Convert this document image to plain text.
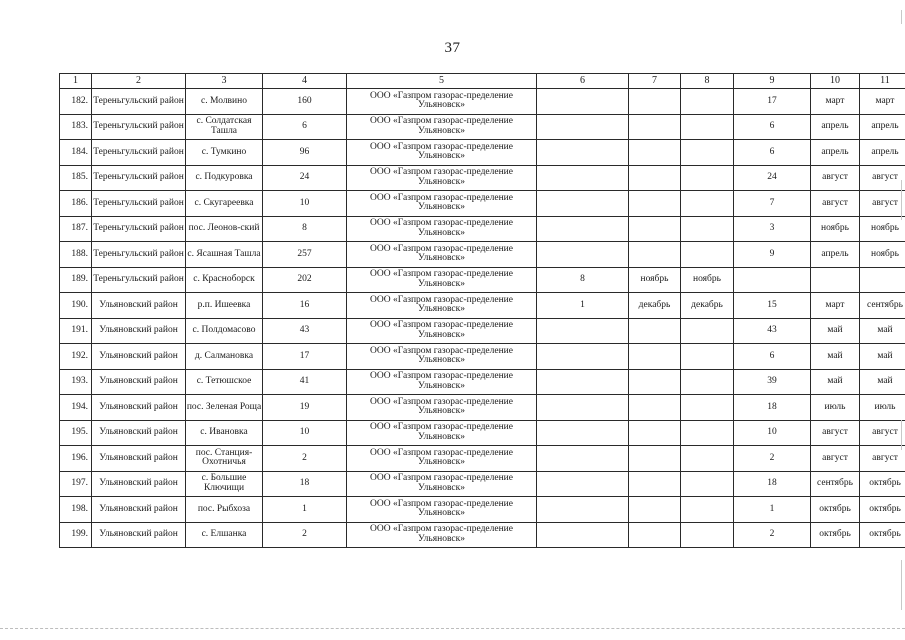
37
1	2	3	4	5	6	7	8	9	10	11
182.	Тереньгульский район	с. Молвино	160	ООО «Газпром газорас-пределение Ульяновск»				17	март	март
183.	Тереньгульский район	с. Солдатская Ташла	6	ООО «Газпром газорас-пределение Ульяновск»				6	апрель	апрель
184.	Тереньгульский район	с. Тумкино	96	ООО «Газпром газорас-пределение Ульяновск»				6	апрель	апрель
185.	Тереньгульский район	с. Подкуровка	24	ООО «Газпром газорас-пределение Ульяновск»				24	август	август
186.	Тереньгульский район	с. Скугареевка	10	ООО «Газпром газорас-пределение Ульяновск»				7	август	август
187.	Тереньгульский район	пос. Леонов-ский	8	ООО «Газпром газорас-пределение Ульяновск»				3	ноябрь	ноябрь
188.	Тереньгульский район	с. Ясашная Ташла	257	ООО «Газпром газорас-пределение Ульяновск»				9	апрель	ноябрь
189.	Тереньгульский район	с. Красноборск	202	ООО «Газпром газорас-пределение Ульяновск»	8	ноябрь	ноябрь			
190.	Ульяновский район	р.п. Ишеевка	16	ООО «Газпром газорас-пределение Ульяновск»	1	декабрь	декабрь	15	март	сентябрь
191.	Ульяновский район	с. Полдомасово	43	ООО «Газпром газорас-пределение Ульяновск»				43	май	май
192.	Ульяновский район	д. Салмановка	17	ООО «Газпром газорас-пределение Ульяновск»				6	май	май
193.	Ульяновский район	с. Тетюшское	41	ООО «Газпром газорас-пределение Ульяновск»				39	май	май
194.	Ульяновский район	пос. Зеленая Роща	19	ООО «Газпром газорас-пределение Ульяновск»				18	июль	июль
195.	Ульяновский район	с. Ивановка	10	ООО «Газпром газорас-пределение Ульяновск»				10	август	август
196.	Ульяновский район	пос. Станция-Охотничья	2	ООО «Газпром газорас-пределение Ульяновск»				2	август	август
197.	Ульяновский район	с. Большие Ключищи	18	ООО «Газпром газорас-пределение Ульяновск»				18	сентябрь	октябрь
198.	Ульяновский район	пос. Рыбхоза	1	ООО «Газпром газорас-пределение Ульяновск»				1	октябрь	октябрь
199.	Ульяновский район	с. Елшанка	2	ООО «Газпром газорас-пределение Ульяновск»				2	октябрь	октябрь
